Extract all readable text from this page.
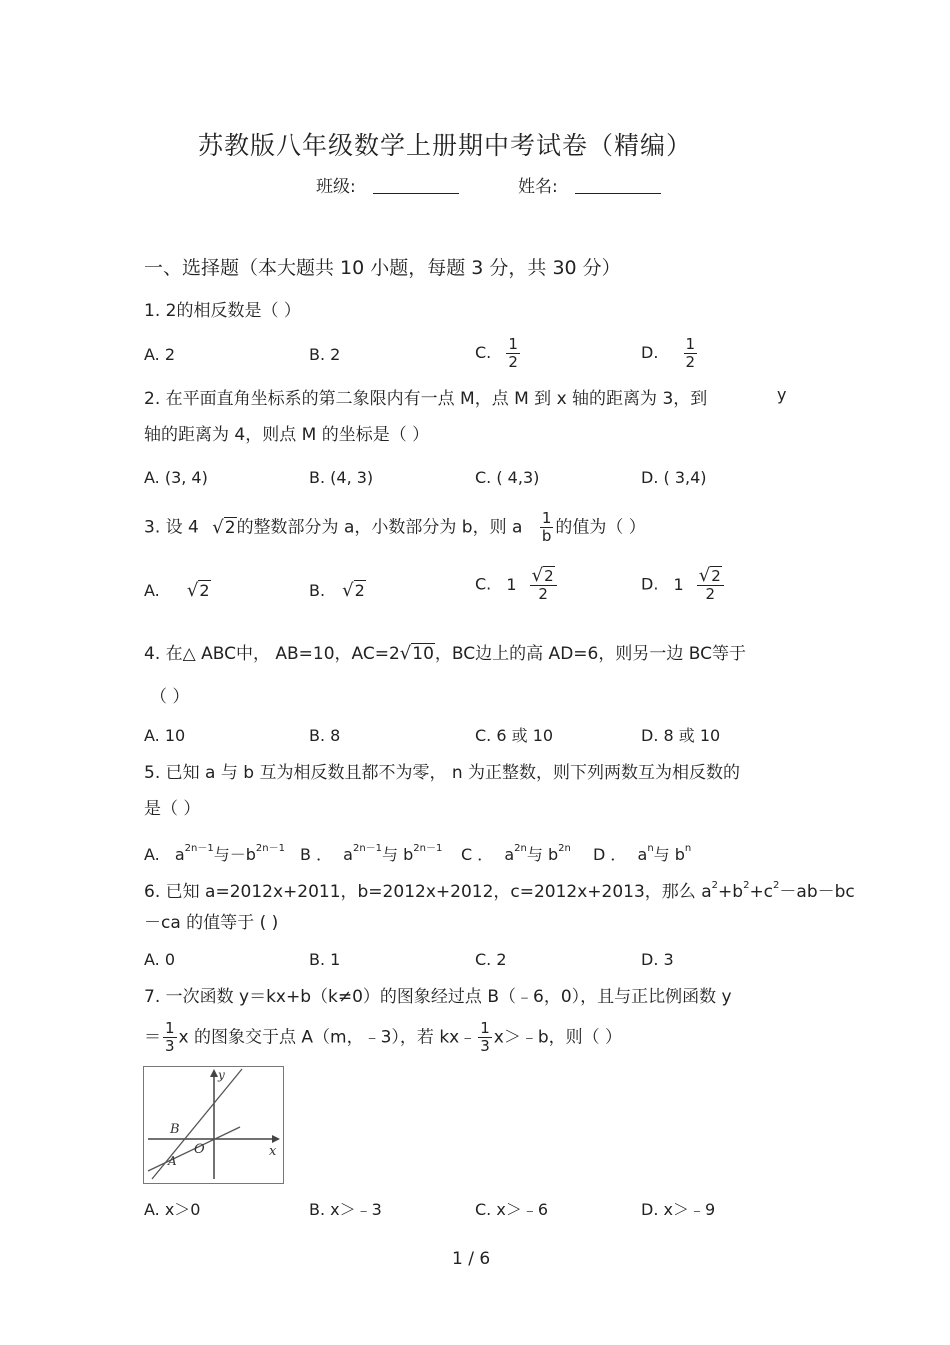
苏教版八年级数学上册期中考试卷（精编）
班级:	姓名:
一、选择题（本大题共 10 小题，每题 3 分，共 30 分）
1. 2的相反数是（ ）
A. 2	B. 2	C. $\frac{1}{2}$	D. $\frac{1}{2}$
2. 在平面直角坐标系的第二象限内有一点 M，点 M 到 x 轴的距离为 3，到	y
轴的距离为 4，则点 M 的坐标是（ ）
A. (3, 4)	B. (4, 3)	C. ( 4,3)	D. ( 3,4)
3. 设 4 √2的整数部分为 a，小数部分为 b，则 a $\frac{1}{b}$ 的值为（ ）
A. √2	B. √2	C. $1 \frac{√2}{2}$	D. $1 \frac{√2}{2}$
4. 在△ ABC中， AB=10，AC=2√10，BC边上的高 AD=6，则另一边 BC等于
（ ）
A. 10	B. 8	C. 6 或 10	D. 8 或 10
5. 已知 a 与 b 互为相反数且都不为零， n 为正整数，则下列两数互为相反数的
是（ ）
A. $a^{2n-1}$与$-b^{2n-1}$ B ． $a^{2n-1}$与 $b^{2n-1}$ C ． $a^{2n}$与 $b^{2n}$ D ． $a^n$与 $b^n$
6. 已知 a=2012x+2011，b=2012x+2012，c=2012x+2013，那么 $a^2+b^2+c^2-ab-bc$
－ca 的值等于 ( )
A. 0	B. 1	C. 2	D. 3
7. 一次函数 y＝kx+b（k≠0）的图象经过点 B（﹣6，0），且与正比例函数 y
＝ $\frac{1}{3}$ x 的图象交于点 A（m，﹣3），若 kx﹣ $\frac{1}{3}$ x＞﹣b，则（ ）
y
x
B
O
A
A. x＞0	B. x＞﹣3	C. x＞﹣6	D. x＞﹣9
1 / 6
